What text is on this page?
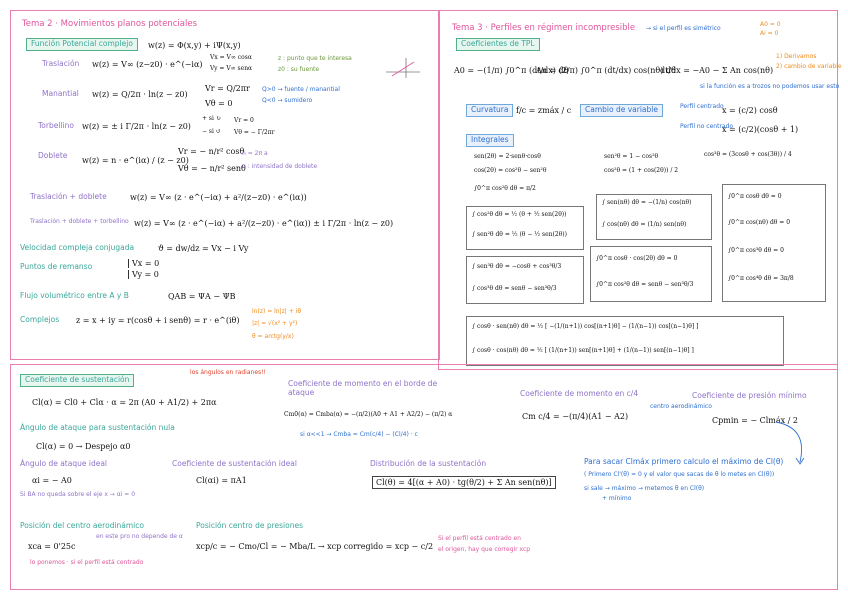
Tema 2 · Movimientos planos potenciales
Función Potencial complejo	w(z) = Φ(x,y) + iΨ(x,y)
Traslación w(z) = V∞ (z−z0) · e^(−iα)
Vx = V∞ cosα
Vy = V∞ senα
z : punto que te interesa
z0 : su fuente
Manantial w(z) = Q/2π · ln(z − z0)
Vr = Q/2πr
Vθ = 0
Q>0 → fuente / manantial
Q<0 → sumidero
Torbellino w(z) = ± i Γ/2π · ln(z − z0)
+ si ↻
− si ↺
Vr = 0
Vθ = − Γ/2πr
Doblete
w(z) = n · e^(iα) / (z − z0)
Vr = − n/r² cosθ
Vθ = − n/r² senθ
n = 2π a
n : intensidad de doblete
Traslación + doblete	w(z) = V∞ (z · e^(−iα) + a²/(z−z0) · e^(iα))
Traslación + doblete + torbellino w(z) = V∞ (z · e^(−iα) + a²/(z−z0) · e^(iα)) ± i Γ/2π · ln(z − z0)
Velocidad compleja conjugada	ϑ = dw/dz = Vx − i Vy
Puntos de remanso	Vx = 0
Vy = 0
Flujo volumétrico entre A y B	QAB = ΨA − ΨB
Complejos z = x + iy = r(cosθ + i senθ) = r · e^(iθ)
ln(z) = ln|z| + iθ
|z| = √(x² + y²)
θ = arctg(y/x)
Tema 3 · Perfiles en régimen incompresible → si el perfil es simétrico
A0 = 0
Ai = 0
Coeficientes de TPL
A0 = −(1/π) ∫0^π (dt/dx) dθ
An = (2/π) ∫0^π (dt/dx) cos(nθ) dθ
dt/dx = −A0 − Σ An cos(nθ)
1) Derivamos
2) cambio de variable
si la función es a trozos no podemos usar esto
Curvatura f/c = zmáx / c	Cambio de variable	Perfil centrado
Perfil no centrado
x = (c/2) cosθ
x = (c/2)(cosθ + 1)
Integrales
sen(2θ) = 2·senθ·cosθ	sen²θ = 1 − cos²θ	cos³θ = (3cosθ + cos(3θ)) / 4
cos(2θ) = cos²θ − sen²θ	cos²θ = (1 + cos(2θ)) / 2
∫0^π cos²θ dθ = π/2
∫ cos²θ dθ = ½ (θ + ½ sen(2θ))
∫ sen²θ dθ = ½ (θ − ½ sen(2θ))
∫ sen(nθ) dθ = −(1/n) cos(nθ)
∫ cos(nθ) dθ = (1/n) sen(nθ)
∫0^π cosθ dθ = 0
∫0^π cos(nθ) dθ = 0
∫0^π cos³θ dθ = 0
∫0^π cos⁴θ dθ = 3π/8
∫ sen³θ dθ = −cosθ + cos³θ/3
∫ cos³θ dθ = senθ − sen³θ/3
∫0^π cosθ · cos(2θ) dθ = 0
∫0^π cos²θ dθ = senθ − sen³θ/3
∫ cosθ · sen(nθ) dθ = ½ [ −(1/(n+1)) cos[(n+1)θ] − (1/(n−1)) cos[(n−1)θ] ]
∫ cosθ · cos(nθ) dθ = ½ [ (1/(n+1)) sen[(n+1)θ] + (1/(n−1)) sen[(n−1)θ] ]
Coeficiente de sustentación
los ángulos en radianes!!
Cl(α) = Cl0 + Clα · α = 2π (A0 + A1/2) + 2πα
Coeficiente de momento en el borde de ataque
Cm0(α) = Cmba(α) = −(π/2)(A0 + A1 + A2/2) − (π/2) α
si α<<1 → Cmba = Cm(c/4) − (Cl/4) · c
Coeficiente de momento en c/4
centro aerodinámico
Cm c/4 = −(π/4)(A1 − A2)
Coeficiente de presión mínimo
Cpmin = − Clmáx / 2
Ángulo de ataque para sustentación nula
Cl(α) = 0 → Despejo α0
Ángulo de ataque ideal
αi = − A0
Si BA no queda sobre el eje x → αi = 0
Coeficiente de sustentación ideal
Cl(αi) = πA1
Distribución de la sustentación
Cl(θ) = 4[(α + A0) · tg(θ/2) + Σ An sen(nθ)]
Para sacar Clmáx primero calculo el máximo de Cl(θ)
( Primero Cl'(θ) = 0 y el valor que sacas de θ lo metes en Cl(θ))
si sale → máximo → metemos θ en Cl(θ)
+ mínimo
Posición del centro aerodinámico
xca = 0'25c
en este pro no depende de α
lo ponemos · si el perfil está centrado
Posición centro de presiones
xcp/c = − Cmo/Cl = − Mba/L → xcp corregido = xcp − c/2
Si el perfil está centrado en
el origen, hay que corregir xcp
